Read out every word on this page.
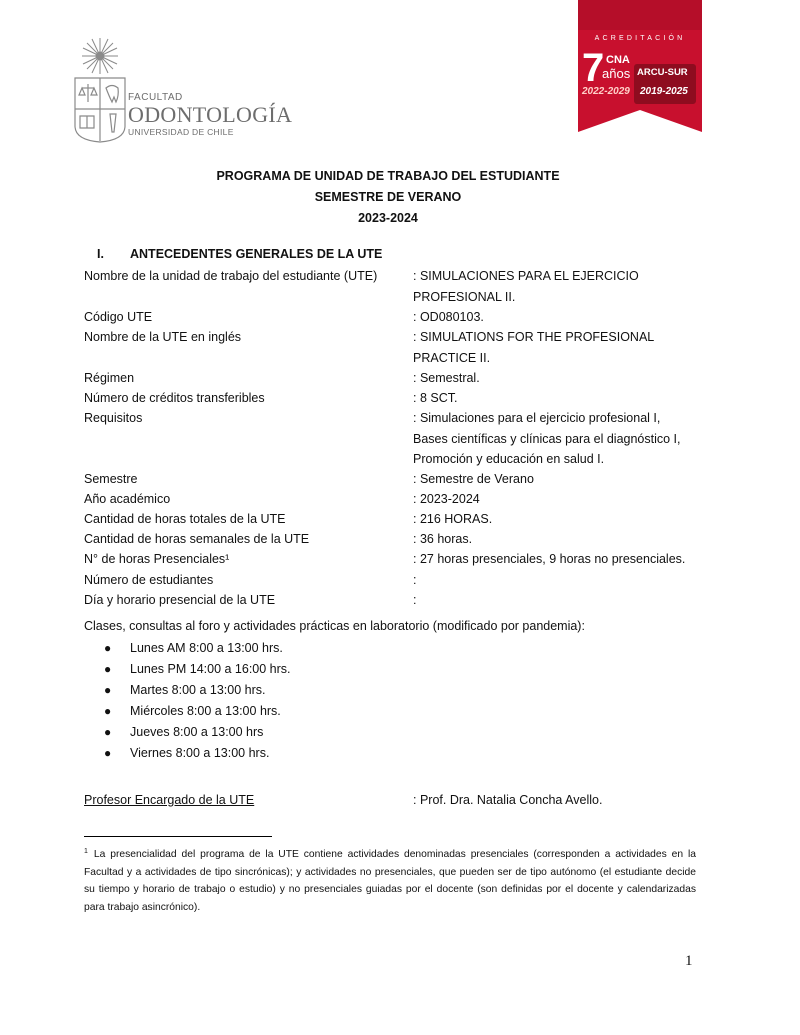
FACULTAD
ODONTOLOGÍA
UNIVERSIDAD DE CHILE
ACREDITACIÓN
7 CNA
años
2022-2029
ARCU-SUR
2019-2025
PROGRAMA DE UNIDAD DE TRABAJO DEL ESTUDIANTE
SEMESTRE DE VERANO
2023-2024
I. ANTECEDENTES GENERALES DE LA UTE
Nombre de la unidad de trabajo del estudiante (UTE)	: SIMULACIONES PARA EL EJERCICIO
PROFESIONAL II.
Código UTE	: OD080103.
Nombre de la UTE en inglés	: SIMULATIONS FOR THE PROFESIONAL
PRACTICE II.
Régimen	: Semestral.
Número de créditos transferibles	: 8 SCT.
Requisitos	: Simulaciones para el ejercicio profesional I,
Bases científicas y clínicas para el diagnóstico I,
Promoción y educación en salud I.
Semestre	: Semestre de Verano
Año académico	: 2023-2024
Cantidad de horas totales de la UTE	: 216 HORAS.
Cantidad de horas semanales de la UTE	: 36 horas.
N° de horas Presenciales¹	: 27 horas presenciales, 9 horas no presenciales.
Número de estudiantes	:
Día y horario presencial de la UTE	:
Clases, consultas al foro y actividades prácticas en laboratorio (modificado por pandemia):
● Lunes AM 8:00 a 13:00 hrs.
● Lunes PM 14:00 a 16:00 hrs.
● Martes 8:00 a 13:00 hrs.
● Miércoles 8:00 a 13:00 hrs.
● Jueves 8:00 a 13:00 hrs
● Viernes 8:00 a 13:00 hrs.
Profesor Encargado de la UTE	: Prof. Dra. Natalia Concha Avello.
$^1$ La presencialidad del programa de la UTE contiene actividades denominadas presenciales (corresponden a actividades en la Facultad y a actividades de tipo sincrónicas); y actividades no presenciales, que pueden ser de tipo autónomo (el estudiante decide su tiempo y horario de trabajo o estudio) y no presenciales guiadas por el docente (son definidas por el docente y calendarizadas para trabajo asincrónico).
1
